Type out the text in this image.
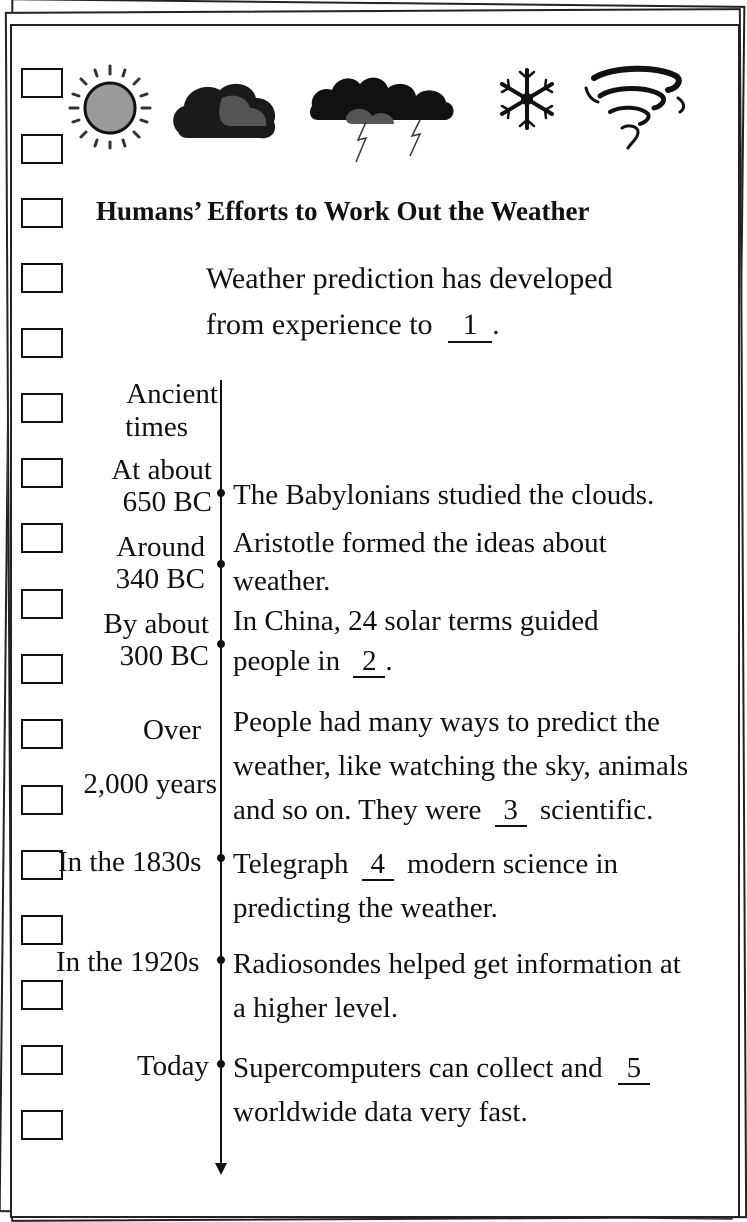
Humans’ Efforts to Work Out the Weather
Weather prediction has developed
from experience to 1 .
Ancient
times
At about
650 BC The Babylonians studied the clouds.
Around
340 BC
Aristotle formed the ideas about
weather.
By about
300 BC
In China, 24 solar terms guided
people in 2 .
Over
2,000 years
People had many ways to predict the
weather, like watching the sky, animals
and so on. They were 3 scientific.
In the 1830s Telegraph 4 modern science in
predicting the weather.
In the 1920s Radiosondes helped get information at
a higher level.
Today Supercomputers can collect and 5
worldwide data very fast.
